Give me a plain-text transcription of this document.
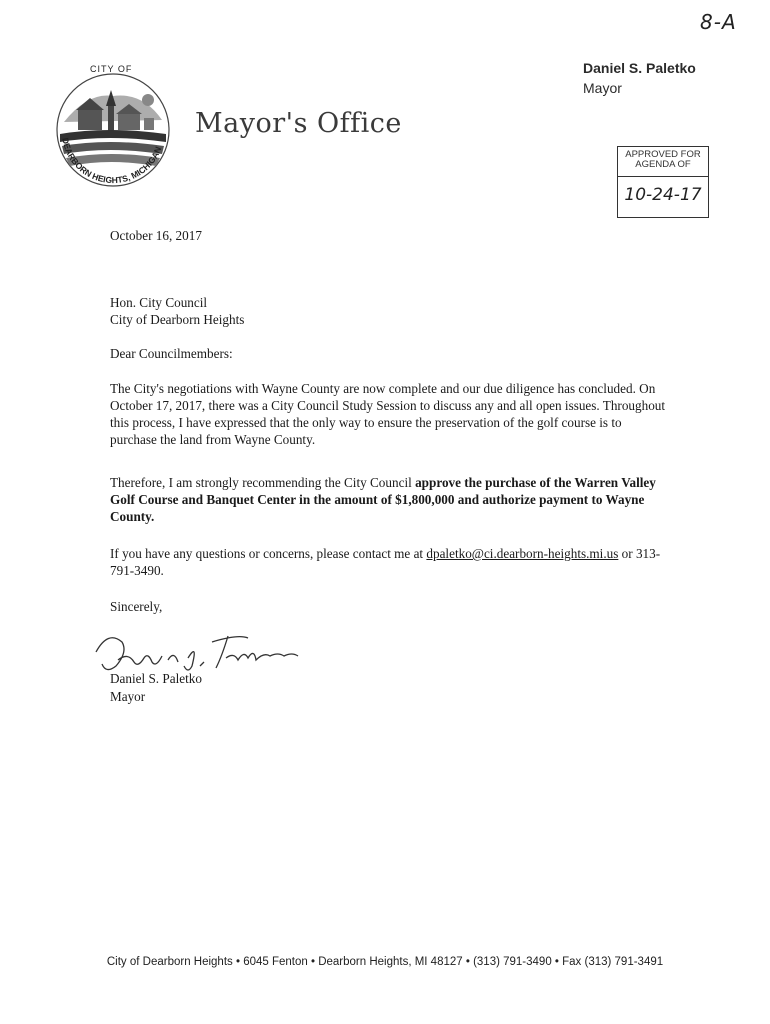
8-A
CITY OF
DEARBORN HEIGHTS, MICHIGAN
Mayor's Office
Daniel S. Paletko
Mayor
APPROVED FOR
AGENDA OF
10-24-17
October 16, 2017

Hon. City Council

City of Dearborn Heights

Dear Councilmembers:

The City's negotiations with Wayne County are now complete and our due diligence has concluded. On October 17, 2017, there was a City Council Study Session to discuss any and all open issues. Throughout this process, I have expressed that the only way to ensure the preservation of the golf course is to purchase the land from Wayne County.

Therefore, I am strongly recommending the City Council approve the purchase of the Warren Valley Golf Course and Banquet Center in the amount of $1,800,000 and authorize payment to Wayne County.

If you have any questions or concerns, please contact me at dpaletko@ci.dearborn-heights.mi.us or 313-791-3490.

Sincerely,
Daniel S. Paletko
Mayor
City of Dearborn Heights • 6045 Fenton • Dearborn Heights, MI 48127 • (313) 791-3490 • Fax (313) 791-3491
